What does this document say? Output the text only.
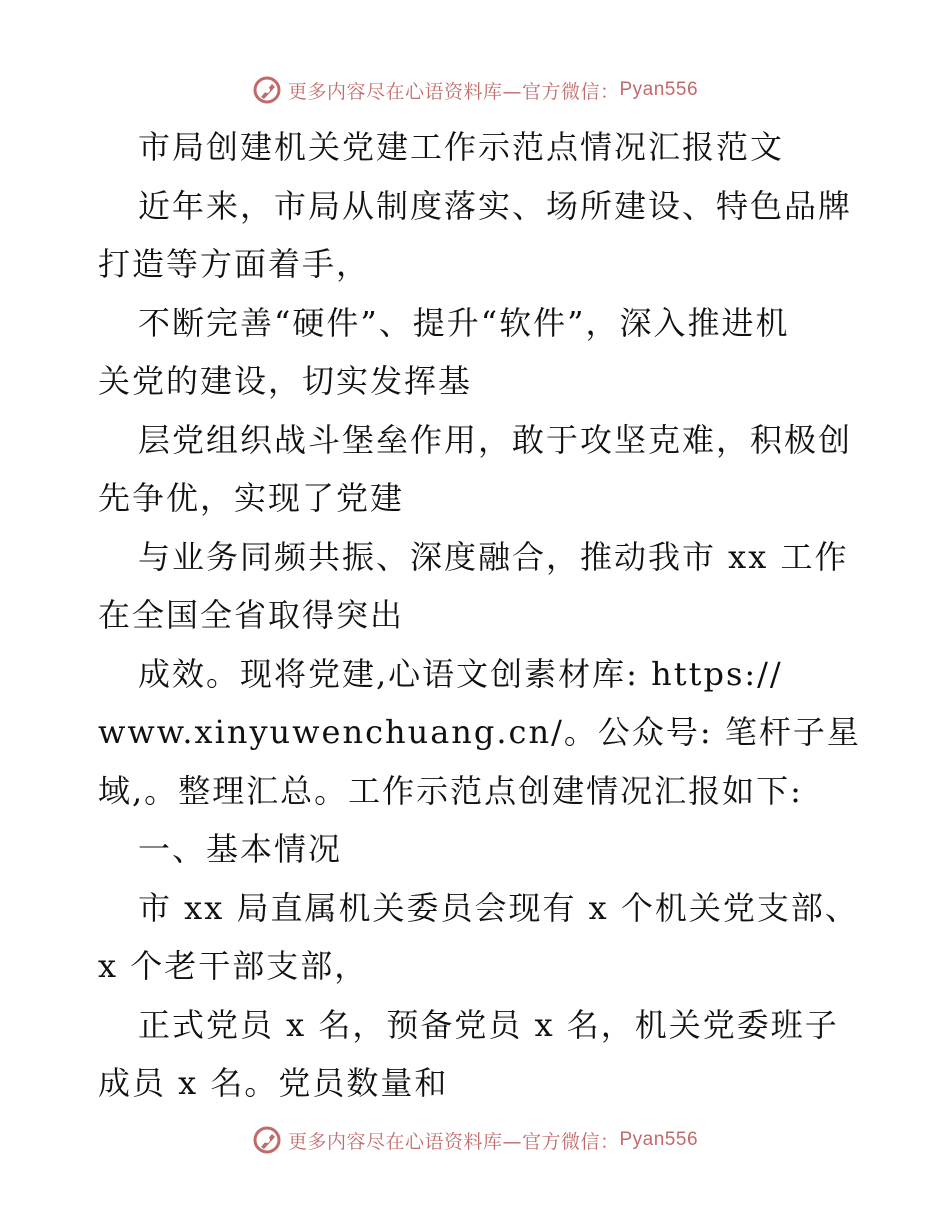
更多内容尽在心语资料库—官方微信： Pyan556
市局创建机关党建工作示范点情况汇报范文
近年来，市局从制度落实、场所建设、特色品牌
打造等方面着手，
不断完善“硬件”、提升“软件”，深入推进机
关党的建设，切实发挥基
层党组织战斗堡垒作用，敢于攻坚克难，积极创
先争优，实现了党建
与业务同频共振、深度融合，推动我市 xx 工作
在全国全省取得突出
成效。现将党建,心语文创素材库: https://
www.xinyuwenchuang.cn/。公众号: 笔杆子星
域,。整理汇总。工作示范点创建情况汇报如下:
一、基本情况
市 xx 局直属机关委员会现有 x 个机关党支部、
x 个老干部支部，
正式党员 x 名，预备党员 x 名，机关党委班子
成员 x 名。党员数量和
更多内容尽在心语资料库—官方微信： Pyan556
